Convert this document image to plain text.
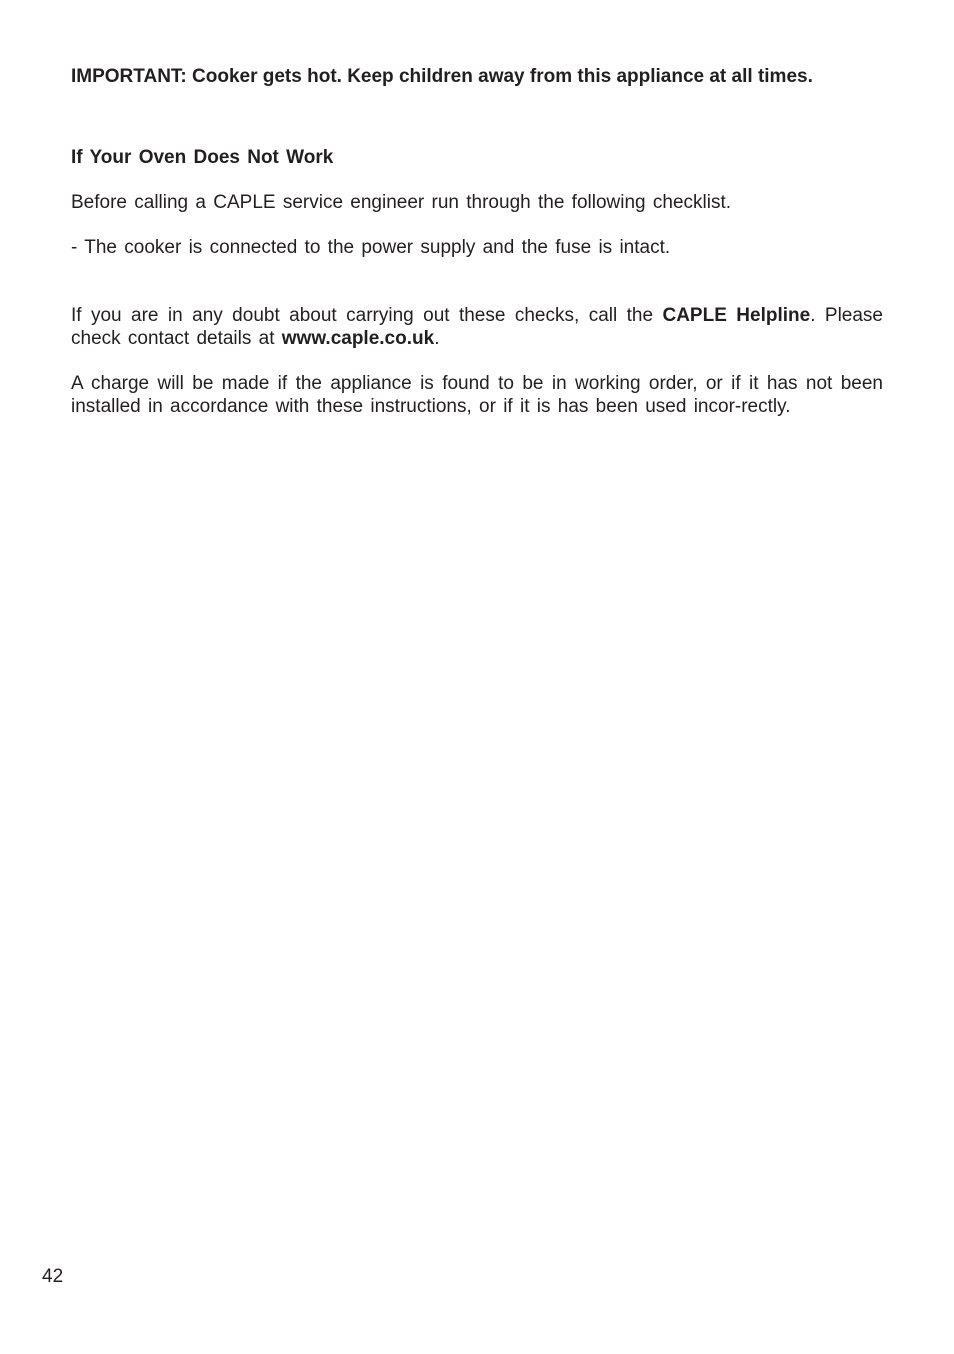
IMPORTANT: Cooker gets hot. Keep children away from this appliance at all times.

If Your Oven Does Not Work

Before calling a CAPLE service engineer run through the following checklist.

- The cooker is connected to the power supply and the fuse is intact.

If you are in any doubt about carrying out these checks, call the CAPLE Helpline. Please check contact details at www.caple.co.uk.

A charge will be made if the appliance is found to be in working order, or if it has not been installed in accordance with these instructions, or if it is has been used incor-rectly.

42
